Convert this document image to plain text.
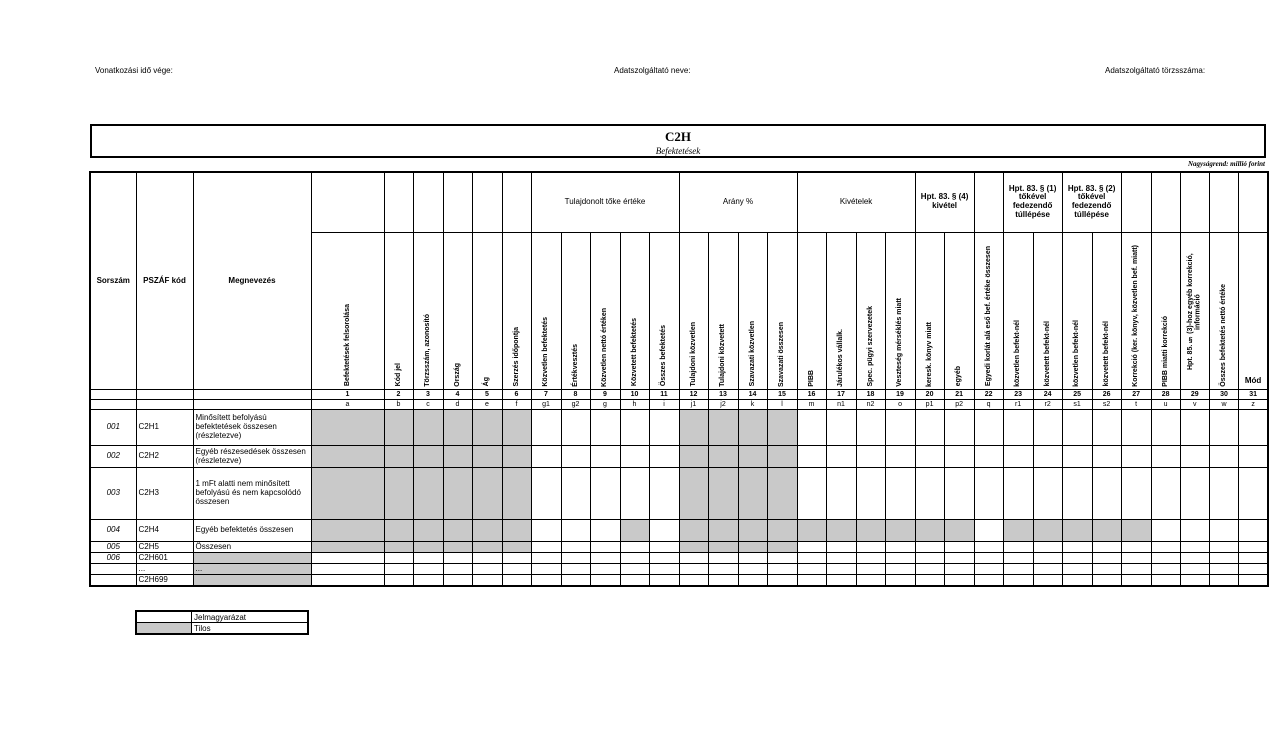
Vonatkozási idő vége:	Adatszolgáltató neve:	Adatszolgáltató törzsszáma:
C2H
Befektetések
Nagyságrend: millió forint
Sorszám	PSZÁF kód	Megnevezés							Tulajdonolt tőke értéke					Arány %				Kivételek				Hpt. 83. § (4) kivétel			Hpt. 83. § (1) tőkével fedezendő túllépése		Hpt. 83. § (2) tőkével fedezendő túllépése						
			Befektetések felsorolása	Kód jel	Törzsszám, azonosító	Ország	Ág	Szerzés időpontja	Közvetlen befektetés	Értékvesztés	Közvetlen nettó értéken	Közvetett befektetés	Összes befektetés	Tulajdoni közvetlen	Tulajdoni közvetett	Szavazati közvetlen	Szavazati összesen	PIBB	Járulékos vállalk.	Spec. pügyi szervezetek	Veszteség mérséklés miatt	keresk. könyv miatt	egyéb	Egyedi korlát alá eső bef. értéke összesen	közvetlen befekt-nél	közvetett befekt-nél	közvetlen befekt-nél	közvetett befekt-nél	Korrekció (ker. könyv, közvetlen bef. miatt)	PIBB miatti korrekció	Hpt. 85. § (3)-hoz egyéb korrekció, információ	Összes befektetés nettó értéke	Mód
			1	2	3	4	5	6	7	8	9	10	11	12	13	14	15	16	17	18	19	20	21	22	23	24	25	26	27	28	29	30	31
			a	b	c	d	e	f	g1	g2	g	h	i	j1	j2	k	l	m	n1	n2	o	p1	p2	q	r1	r2	s1	s2	t	u	v	w	z
001	C2H1	Minősített befolyású befektetések összesen (részletezve)																															
002	C2H2	Egyéb részesedések összesen (részletezve)																															
003	C2H3	1 mFt alatti nem minősített befolyású és nem kapcsolódó összesen																															
004	C2H4	Egyéb befektetés összesen																															
005	C2H5	Összesen																															
006	C2H601																																
	...	...																															
	C2H699																																
	Jelmagyarázat
	Tilos
